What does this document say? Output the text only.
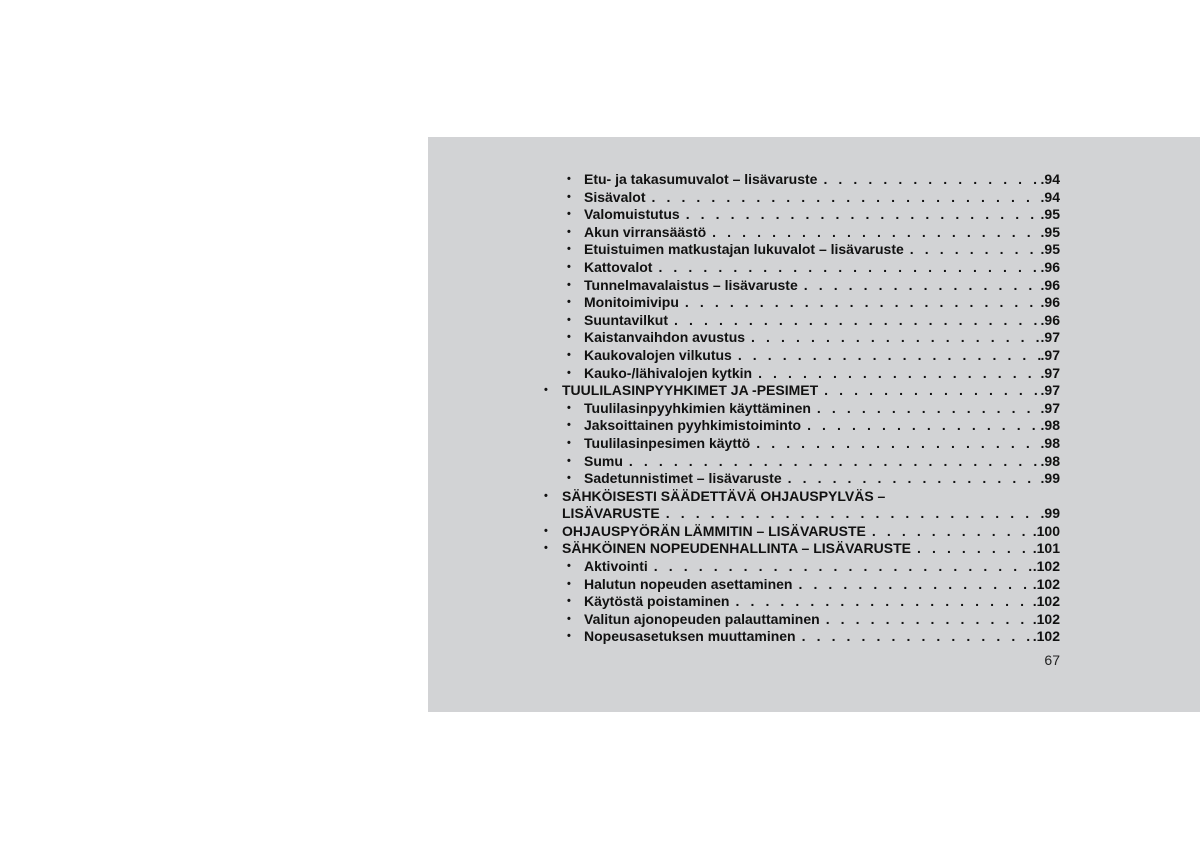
• Etu- ja takasumuvalot – lisävaruste . . .	.94
• Sisävalot . . .	.94
• Valomuistutus . . .	.95
• Akun virransäästö . . .	.95
• Etuistuimen matkustajan lukuvalot – lisävaruste . . .	.95
• Kattovalot . . .	.96
• Tunnelmavalaistus – lisävaruste . . .	.96
• Monitoimivipu . . .	.96
• Suuntavilkut . . .	.96
• Kaistanvaihdon avustus . . .	.97
• Kaukovalojen vilkutus . . .	.97
• Kauko-/lähivalojen kytkin . . .	.97
• TUULILASINPYYHKIMET JA -PESIMET . . .	.97
• Tuulilasinpyyhkimien käyttäminen . . .	.97
• Jaksoittainen pyyhkimistoiminto . . .	.98
• Tuulilasinpesimen käyttö . . .	.98
• Sumu . . .	.98
• Sadetunnistimet – lisävaruste . . .	.99
• SÄHKÖISESTI SÄÄDETTÄVÄ OHJAUSPYLVÄS –
LISÄVARUSTE . . .	.99
• OHJAUSPYÖRÄN LÄMMITIN – LISÄVARUSTE . . .	.100
• SÄHKÖINEN NOPEUDENHALLINTA – LISÄVARUSTE . . .	.101
• Aktivointi . . .	.102
• Halutun nopeuden asettaminen . . .	.102
• Käytöstä poistaminen . . .	.102
• Valitun ajonopeuden palauttaminen . . .	.102
• Nopeusasetuksen muuttaminen . . .	.102
67
